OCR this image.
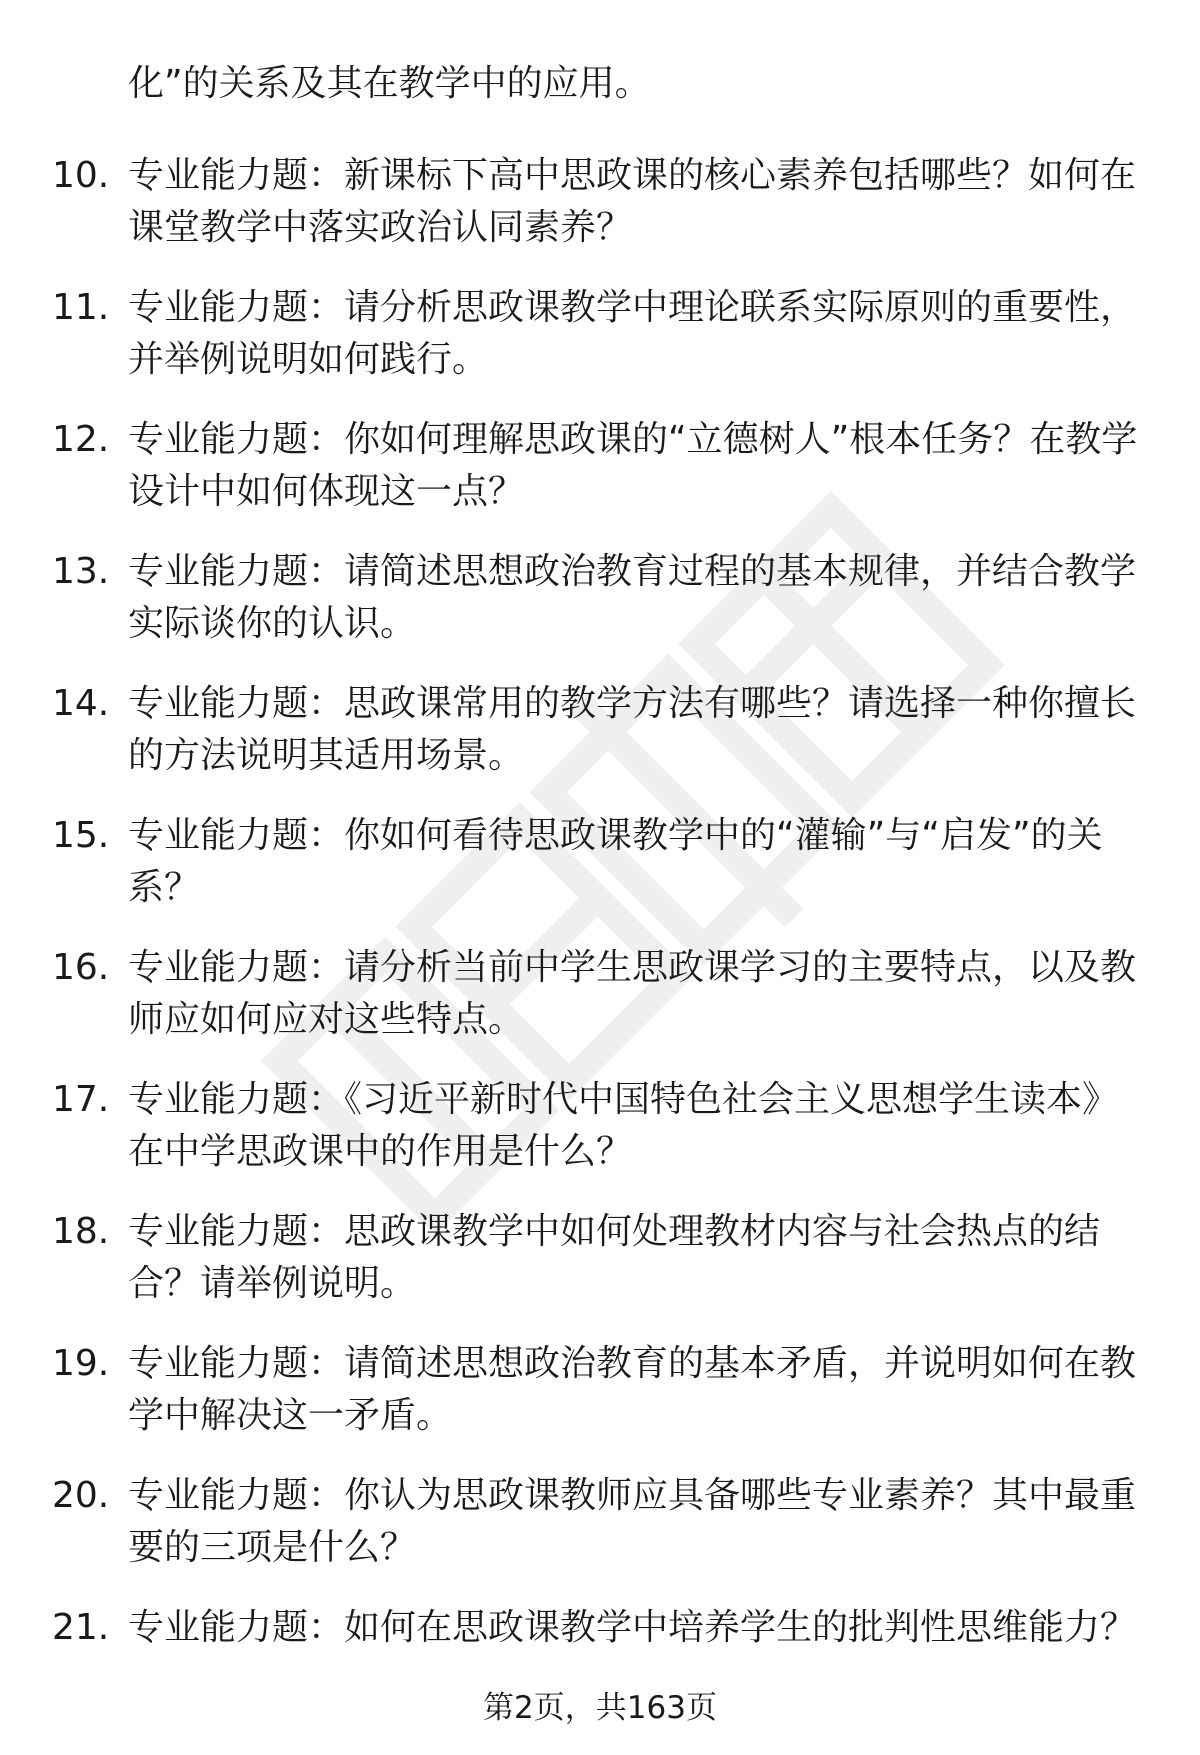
化”的关系及其在教学中的应用。

10. 专业能力题：新课标下高中思政课的核心素养包括哪些？如何在课堂教学中落实政治认同素养？

11. 专业能力题：请分析思政课教学中理论联系实际原则的重要性，并举例说明如何践行。

12. 专业能力题：你如何理解思政课的“立德树人”根本任务？在教学设计中如何体现这一点？

13. 专业能力题：请简述思想政治教育过程的基本规律，并结合教学实际谈你的认识。

14. 专业能力题：思政课常用的教学方法有哪些？请选择一种你擅长的方法说明其适用场景。

15. 专业能力题：你如何看待思政课教学中的“灌输”与“启发”的关系？

16. 专业能力题：请分析当前中学生思政课学习的主要特点，以及教师应如何应对这些特点。

17. 专业能力题：《习近平新时代中国特色社会主义思想学生读本》在中学思政课中的作用是什么？

18. 专业能力题：思政课教学中如何处理教材内容与社会热点的结合？请举例说明。

19. 专业能力题：请简述思想政治教育的基本矛盾，并说明如何在教学中解决这一矛盾。

20. 专业能力题：你认为思政课教师应具备哪些专业素养？其中最重要的三项是什么？

21. 专业能力题：如何在思政课教学中培养学生的批判性思维能力？

第2页，共163页
